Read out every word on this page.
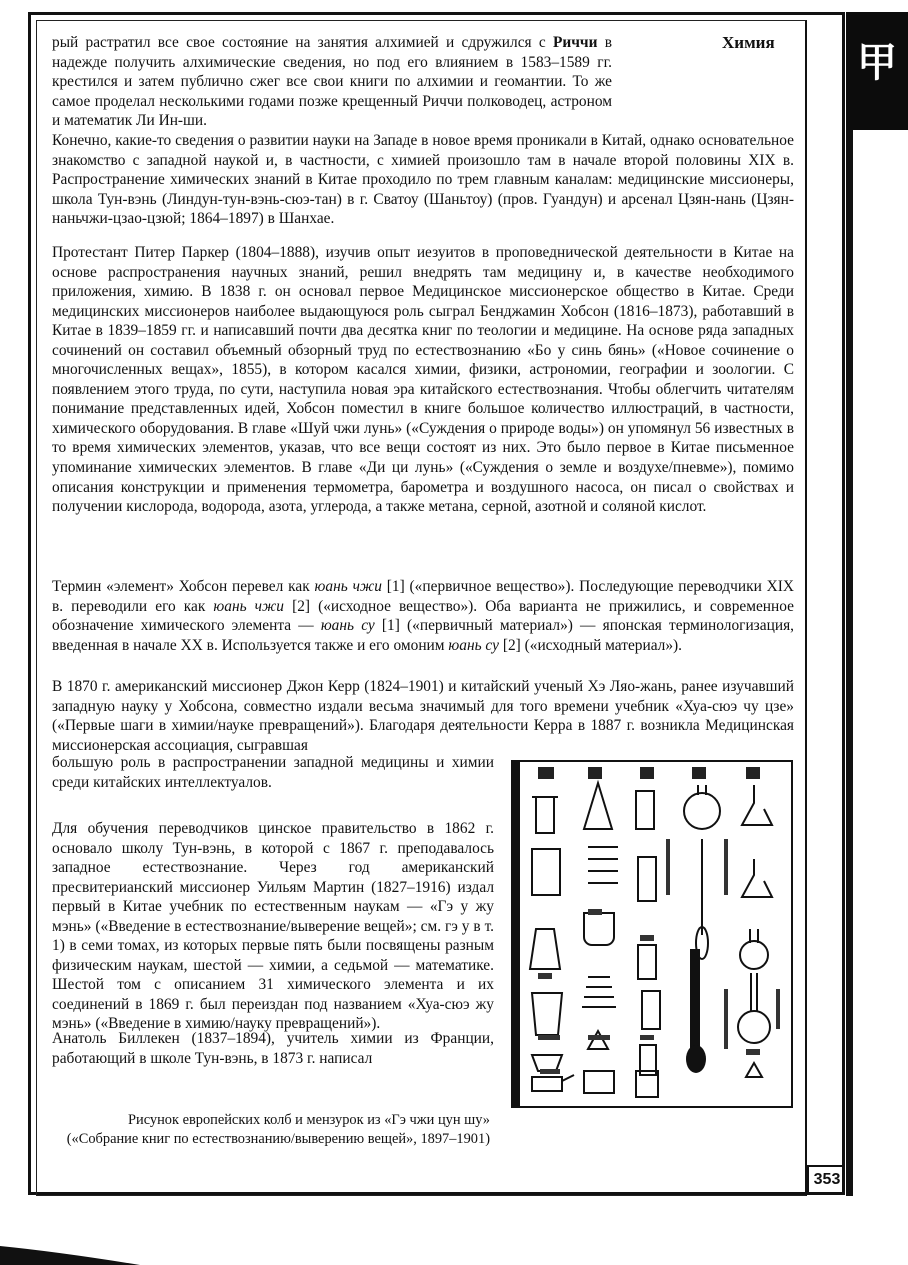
甲
Химия

рый растратил все свое состояние на занятия алхимией и сдружился с Риччи в надежде получить алхимические сведения, но под его влиянием в 1583–1589 гг. крестился и затем публично сжег все свои книги по алхимии и геомантии. То же самое проделал несколькими годами позже крещенный Риччи полководец, астроном и математик Ли Ин-ши.

Конечно, какие-то сведения о развитии науки на Западе в новое время проникали в Китай, однако основательное знакомство с западной наукой и, в частности, с химией произошло там в начале второй половины XIX в. Распространение химических знаний в Китае проходило по трем главным каналам: медицинские миссионеры, школа Тун-вэнь (Линдун-тун-вэнь-сюэ-тан) в г. Сватоу (Шаньтоу) (пров. Гуандун) и арсенал Цзян-нань (Цзян-наньчжи-цзао-цзюй; 1864–1897) в Шанхае.

Протестант Питер Паркер (1804–1888), изучив опыт иезуитов в проповеднической деятельности в Китае на основе распространения научных знаний, решил внедрять там медицину и, в качестве необходимого приложения, химию. В 1838 г. он основал первое Медицинское миссионерское общество в Китае. Среди медицинских миссионеров наиболее выдающуюся роль сыграл Бенджамин Хобсон (1816–1873), работавший в Китае в 1839–1859 гг. и написавший почти два десятка книг по теологии и медицине. На основе ряда западных сочинений он составил объемный обзорный труд по естествознанию «Бо у синь бянь» («Новое сочинение о многочисленных вещах», 1855), в котором касался химии, физики, астрономии, географии и зоологии. С появлением этого труда, по сути, наступила новая эра китайского естествознания. Чтобы облегчить читателям понимание представленных идей, Хобсон поместил в книге большое количество иллюстраций, в частности, химического оборудования. В главе «Шуй чжи лунь» («Суждения о природе воды») он упомянул 56 известных в то время химических элементов, указав, что все вещи состоят из них. Это было первое в Китае письменное упоминание химических элементов. В главе «Ди ци лунь» («Суждения о земле и воздухе/пневме»), помимо описания конструкции и применения термометра, барометра и воздушного насоса, он писал о свойствах и получении кислорода, водорода, азота, углерода, а также метана, серной, азотной и соляной кислот.

Термин «элемент» Хобсон перевел как юань чжи [1] («первичное вещество»). Последующие переводчики XIX в. переводили его как юань чжи [2] («исходное вещество»). Оба варианта не прижились, и современное обозначение химического элемента — юань су [1] («первичный материал») — японская терминологизация, введенная в начале XX в. Используется также и его омоним юань су [2] («исходный материал»).

В 1870 г. американский миссионер Джон Керр (1824–1901) и китайский ученый Хэ Ляо-жань, ранее изучавший западную науку у Хобсона, совместно издали весьма значимый для того времени учебник «Хуа-сюэ чу цзе» («Первые шаги в химии/науке превращений»). Благодаря деятельности Керра в 1887 г. возникла Медицинская миссионерская ассоциация, сыгравшая

большую роль в распространении западной медицины и химии среди китайских интеллектуалов.

Для обучения переводчиков цинское правительство в 1862 г. основало школу Тун-вэнь, в которой с 1867 г. преподавалось западное естествознание. Через год американский пресвитерианский миссионер Уильям Мартин (1827–1916) издал первый в Китае учебник по естественным наукам — «Гэ у жу мэнь» («Введение в естествознание/выверение вещей»; см. гэ у в т. 1) в семи томах, из которых первые пять были посвящены разным физическим наукам, шестой — химии, а седьмой — математике. Шестой том с описанием 31 химического элемента и их соединений в 1869 г. был переиздан под названием «Хуа-сюэ жу мэнь» («Введение в химию/науку превращений»).

Анатоль Биллекен (1837–1894), учитель химии из Франции, работающий в школе Тун-вэнь, в 1873 г. написал

Рисунок европейских колб и мензурок из «Гэ чжи цун шу» («Собрание книг по естествознанию/выверению вещей», 1897–1901)
353
